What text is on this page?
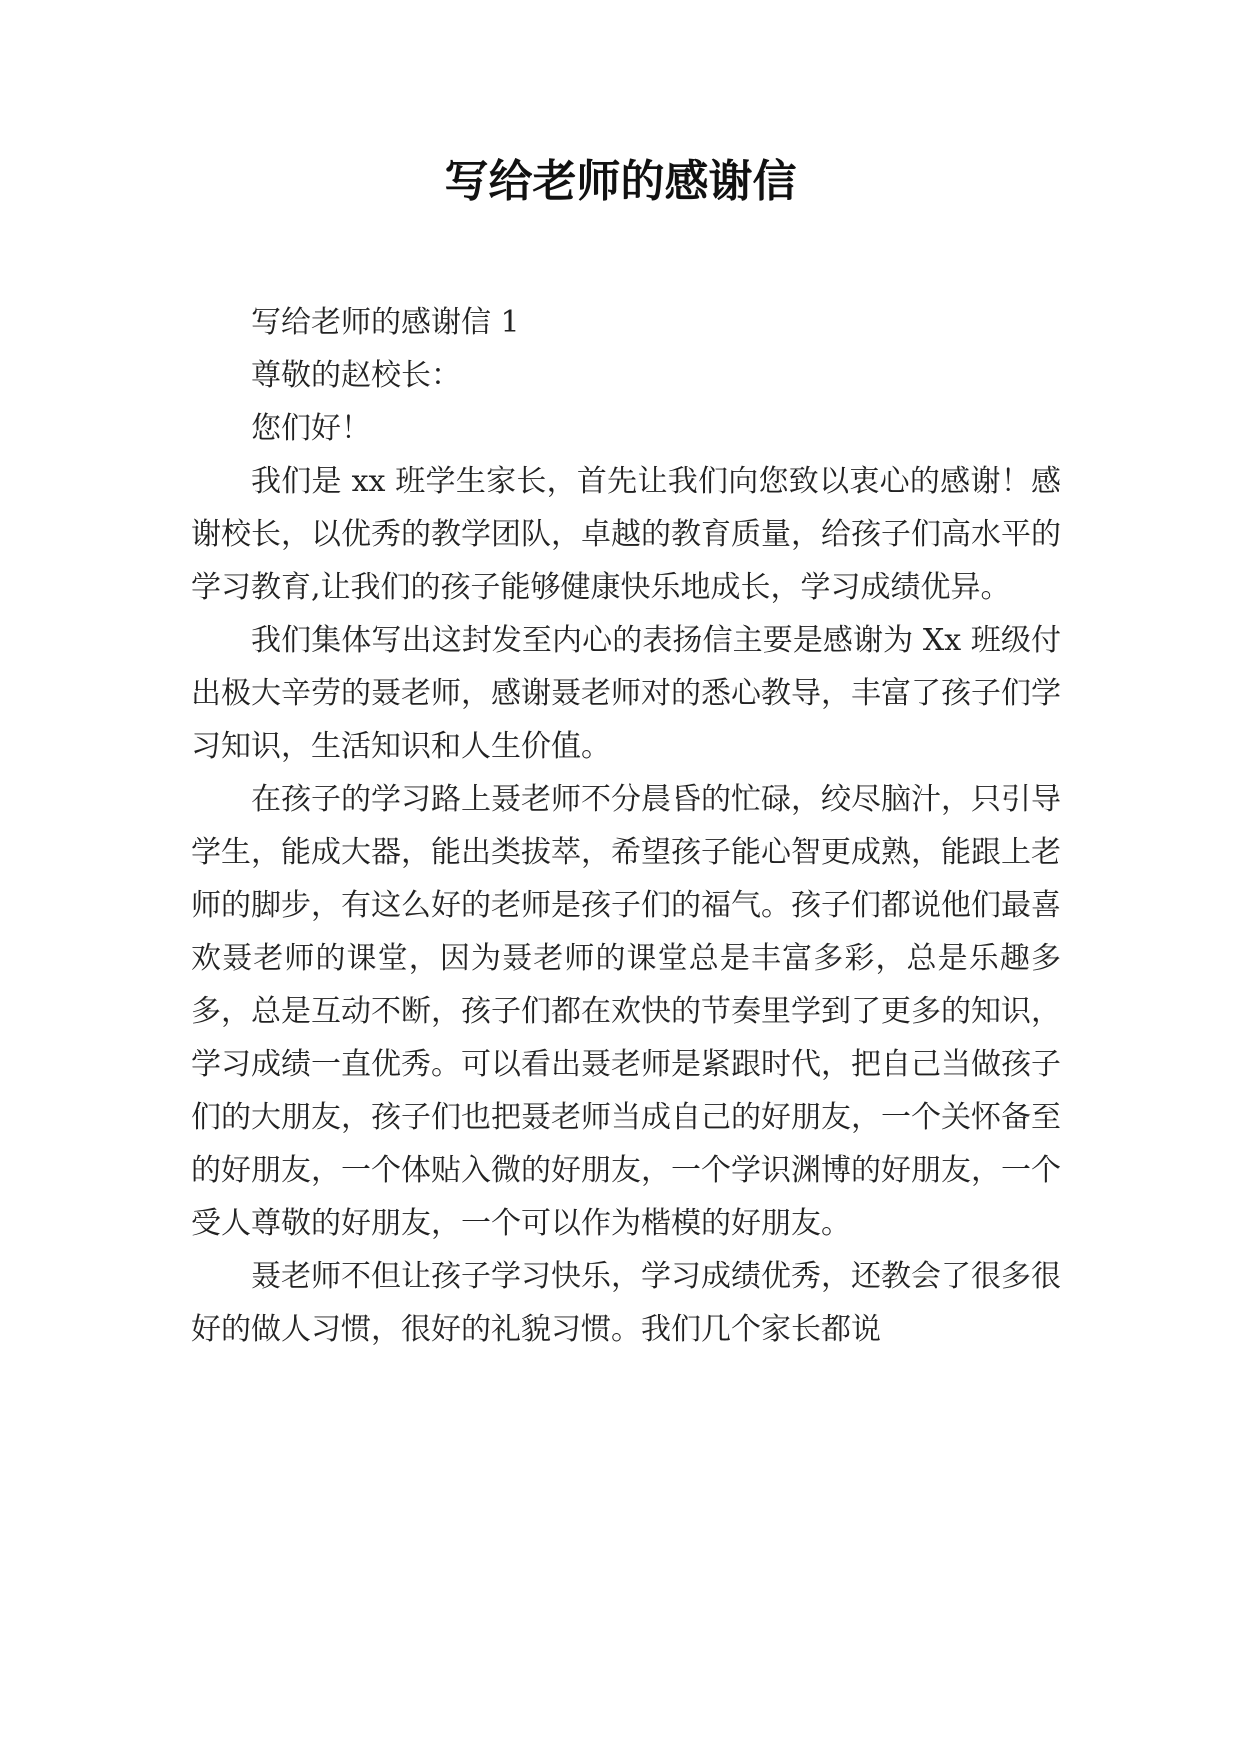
写给老师的感谢信

写给老师的感谢信 1

尊敬的赵校长：

您们好！

我们是 xx 班学生家长，首先让我们向您致以衷心的感谢！感谢校长，以优秀的教学团队，卓越的教育质量，给孩子们高水平的学习教育,让我们的孩子能够健康快乐地成长，学习成绩优异。

我们集体写出这封发至内心的表扬信主要是感谢为 Xx 班级付出极大辛劳的聂老师，感谢聂老师对的悉心教导，丰富了孩子们学习知识，生活知识和人生价值。

在孩子的学习路上聂老师不分晨昏的忙碌，绞尽脑汁，只引导学生，能成大器，能出类拔萃，希望孩子能心智更成熟，能跟上老师的脚步，有这么好的老师是孩子们的福气。孩子们都说他们最喜欢聂老师的课堂，因为聂老师的课堂总是丰富多彩，总是乐趣多多，总是互动不断，孩子们都在欢快的节奏里学到了更多的知识，学习成绩一直优秀。可以看出聂老师是紧跟时代，把自己当做孩子们的大朋友，孩子们也把聂老师当成自己的好朋友，一个关怀备至的好朋友，一个体贴入微的好朋友，一个学识渊博的好朋友，一个受人尊敬的好朋友，一个可以作为楷模的好朋友。

聂老师不但让孩子学习快乐，学习成绩优秀，还教会了很多很好的做人习惯，很好的礼貌习惯。我们几个家长都说
